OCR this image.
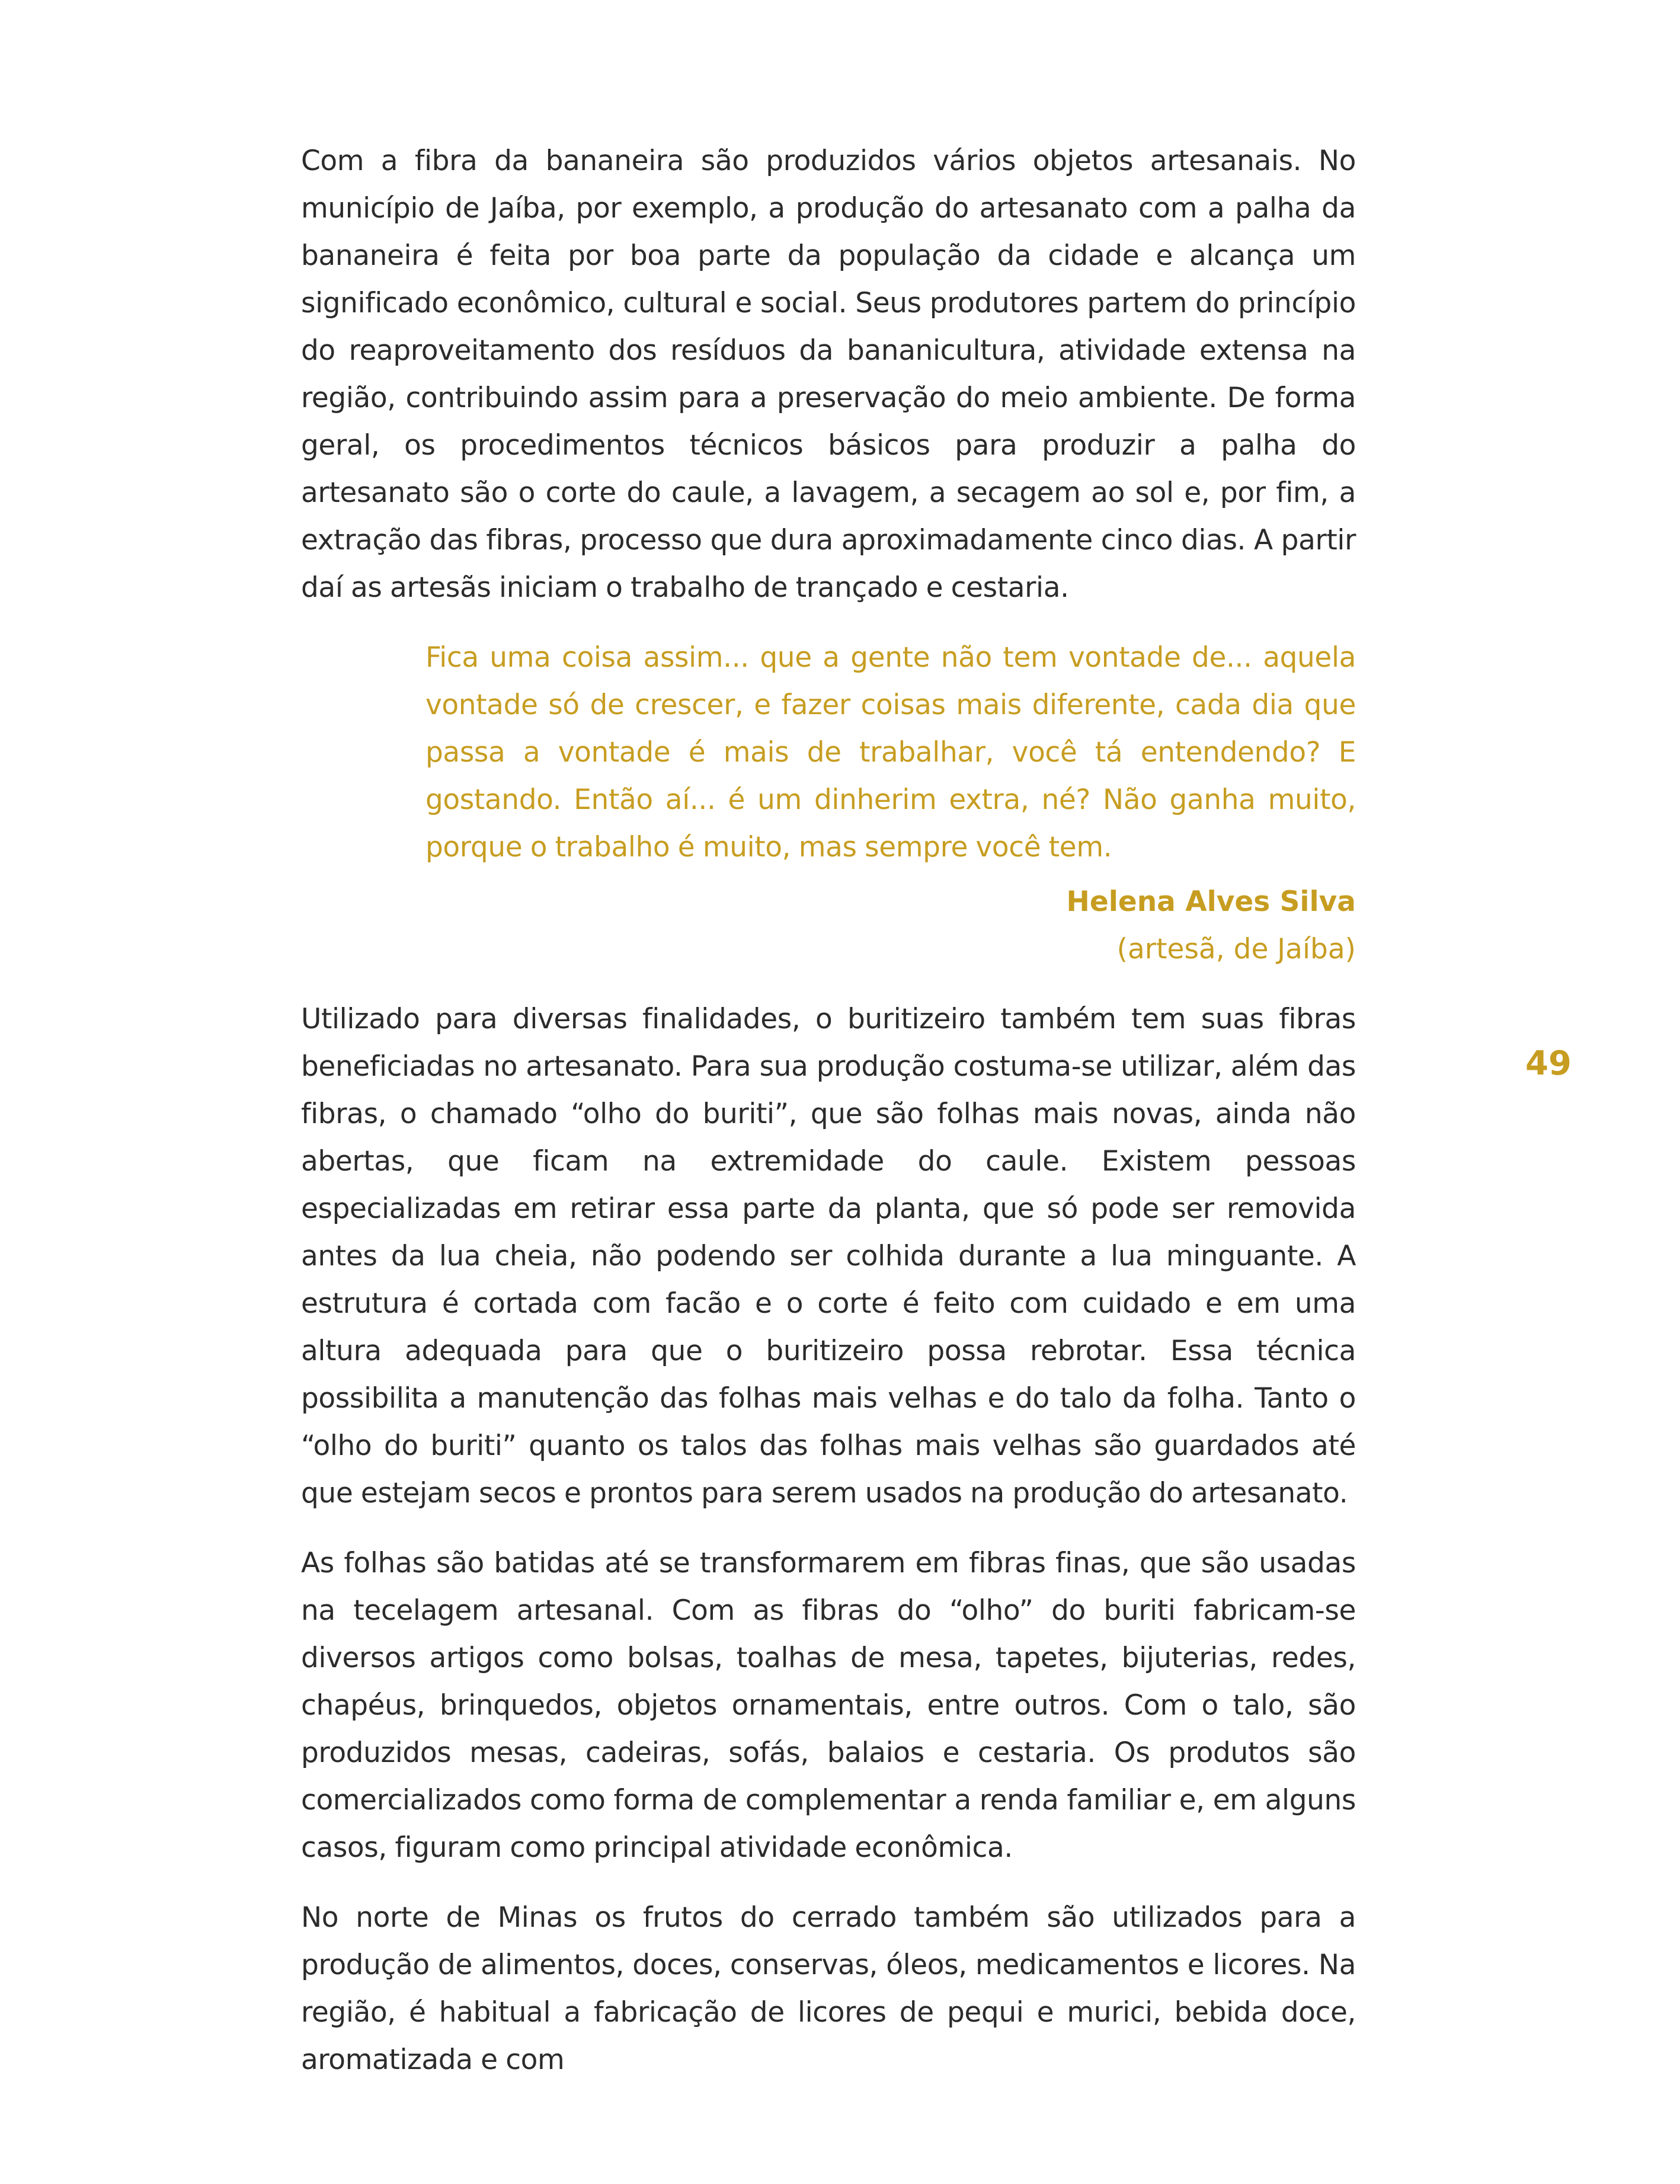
Com a fibra da bananeira são produzidos vários objetos artesanais. No município de Jaíba, por exemplo, a produção do artesanato com a palha da bananeira é feita por boa parte da população da cidade e alcança um significado econômico, cultural e social. Seus produtores partem do princípio do reaproveitamento dos resíduos da bananicultura, atividade extensa na região, contribuindo assim para a preservação do meio ambiente. De forma geral, os procedimentos técnicos básicos para produzir a palha do artesanato são o corte do caule, a lavagem, a secagem ao sol e, por fim, a extração das fibras, processo que dura aproximadamente cinco dias. A partir daí as artesãs iniciam o trabalho de trançado e cestaria.

Fica uma coisa assim... que a gente não tem vontade de... aquela vontade só de crescer, e fazer coisas mais diferente, cada dia que passa a vontade é mais de trabalhar, você tá entendendo? E gostando. Então aí... é um dinherim extra, né? Não ganha muito, porque o trabalho é muito, mas sempre você tem.

Helena Alves Silva

(artesã, de Jaíba)

Utilizado para diversas finalidades, o buritizeiro também tem suas fibras beneficiadas no artesanato. Para sua produção costuma-se utilizar, além das fibras, o chamado “olho do buriti”, que são folhas mais novas, ainda não abertas, que ficam na extremidade do caule. Existem pessoas especializadas em retirar essa parte da planta, que só pode ser removida antes da lua cheia, não podendo ser colhida durante a lua minguante. A estrutura é cortada com facão e o corte é feito com cuidado e em uma altura adequada para que o buritizeiro possa rebrotar. Essa técnica possibilita a manutenção das folhas mais velhas e do talo da folha. Tanto o “olho do buriti” quanto os talos das folhas mais velhas são guardados até que estejam secos e prontos para serem usados na produção do artesanato.

As folhas são batidas até se transformarem em fibras finas, que são usadas na tecelagem artesanal. Com as fibras do “olho” do buriti fabricam-se diversos artigos como bolsas, toalhas de mesa, tapetes, bijuterias, redes, chapéus, brinquedos, objetos ornamentais, entre outros. Com o talo, são produzidos mesas, cadeiras, sofás, balaios e cestaria. Os produtos são comercializados como forma de complementar a renda familiar e, em alguns casos, figuram como principal atividade econômica.

No norte de Minas os frutos do cerrado também são utilizados para a produção de alimentos, doces, conservas, óleos, medicamentos e licores. Na região, é habitual a fabricação de licores de pequi e murici, bebida doce, aromatizada e com

49
